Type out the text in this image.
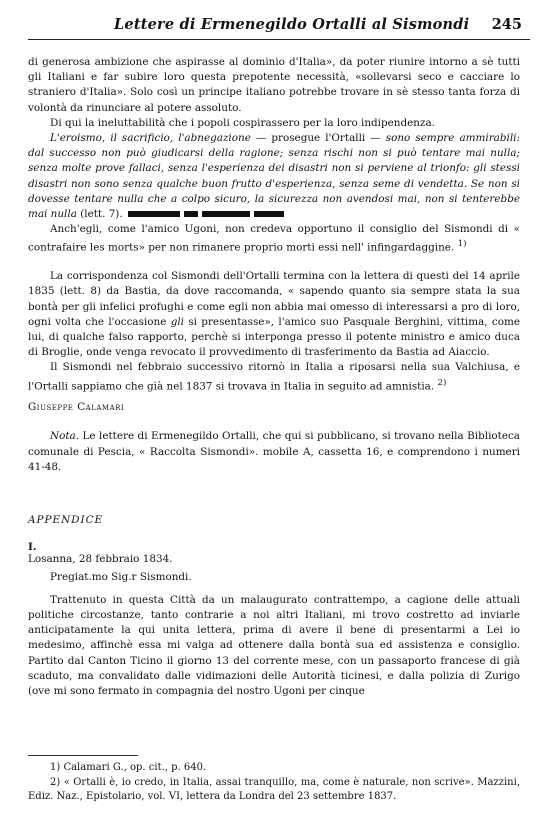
Lettere di Ermenegildo Ortalli al Sismondi 245

di generosa ambizione che aspirasse al dominio d'Italia», da poter riunire intorno a sè tutti gli Italiani e far subire loro questa prepotente necessità, «sollevarsi seco e cacciare lo straniero d'Italia». Solo così un principe italiano potrebbe trovare in sè stesso tanta forza di volontà da rinunciare al potere assoluto.

Di qui la ineluttabilità che i popoli cospirassero per la loro indipendenza.

L'eroismo, il sacrificio, l'abnegazione — prosegue l'Ortalli — sono sempre ammirabili: dal successo non può giudicarsi della ragione; senza rischi non si può tentare mai nulla; senza molte prove fallaci, senza l'esperienza dei disastri non si perviene al trionfo: gli stessi disastri non sono senza qualche buon frutto d'esperienza, senza seme di vendetta. Se non si dovesse tentare nulla che a colpo sicuro, la sicurezza non avendosi mai, non si tenterebbe mai nulla (lett. 7).

Anch'egli, come l'amico Ugoni, non credeva opportuno il consiglio del Sismondi di « contrafaire les morts» per non rimanere proprio morti essi nell' infingardaggine. $^{1)}$

La corrispondenza col Sismondi dell'Ortalli termina con la lettera di questi del 14 aprile 1835 (lett. 8) da Bastia, da dove raccomanda, « sapendo quanto sia sempre stata la sua bontà per gli infelici profughi e come egli non abbia mai omesso di interessarsi a pro di loro, ogni volta che l'occasione gli si presentasse», l'amico suo Pasquale Berghini, vittima, come lui, di qualche falso rapporto, perchè si interponga presso il potente ministro e amico duca di Broglie, onde venga revocato il provvedimento di trasferimento da Bastia ad Aiaccio.

Il Sismondi nel febbraio successivo ritornò in Italia a riposarsi nella sua Valchiusa, e l'Ortalli sappiamo che già nel 1837 si trovava in Italia in seguito ad amnistia. $^{2)}$

Giuseppe Calamari

Nota. Le lettere di Ermenegildo Ortalli, che qui si pubblicano, si trovano nella Biblioteca comunale di Pescia, « Raccolta Sismondi». mobile A, cassetta 16, e comprendono i numeri 41-48.

APPENDICE

I.

Losanna, 28 febbraio 1834.

Pregiat.mo Sig.r Sismondi.

Trattenuto in questa Città da un malaugurato contrattempo, a cagione delle attuali politiche circostanze, tanto contrarie a noi altri Italiani, mi trovo costretto ad inviarle anticipatamente la qui unita lettera, prima di avere il bene di presentarmi a Lei io medesimo, affinchè essa mi valga ad ottenere dalla bontà sua ed assistenza e consiglio. Partito dal Canton Ticino il giorno 13 del corrente mese, con un passaporto francese di già scaduto, ma convalidato dalle vidimazioni delle Autorità ticinesi, e dalla polizia di Zurigo (ove mi sono fermato in compagnia del nostro Ugoni per cinque

1) Calamari G., op. cit., p. 640.

2) « Ortalli è, io credo, in Italia, assai tranquillo, ma, come è naturale, non scrive». Mazzini, Ediz. Naz., Epistolario, vol. VI, lettera da Londra del 23 settembre 1837.
